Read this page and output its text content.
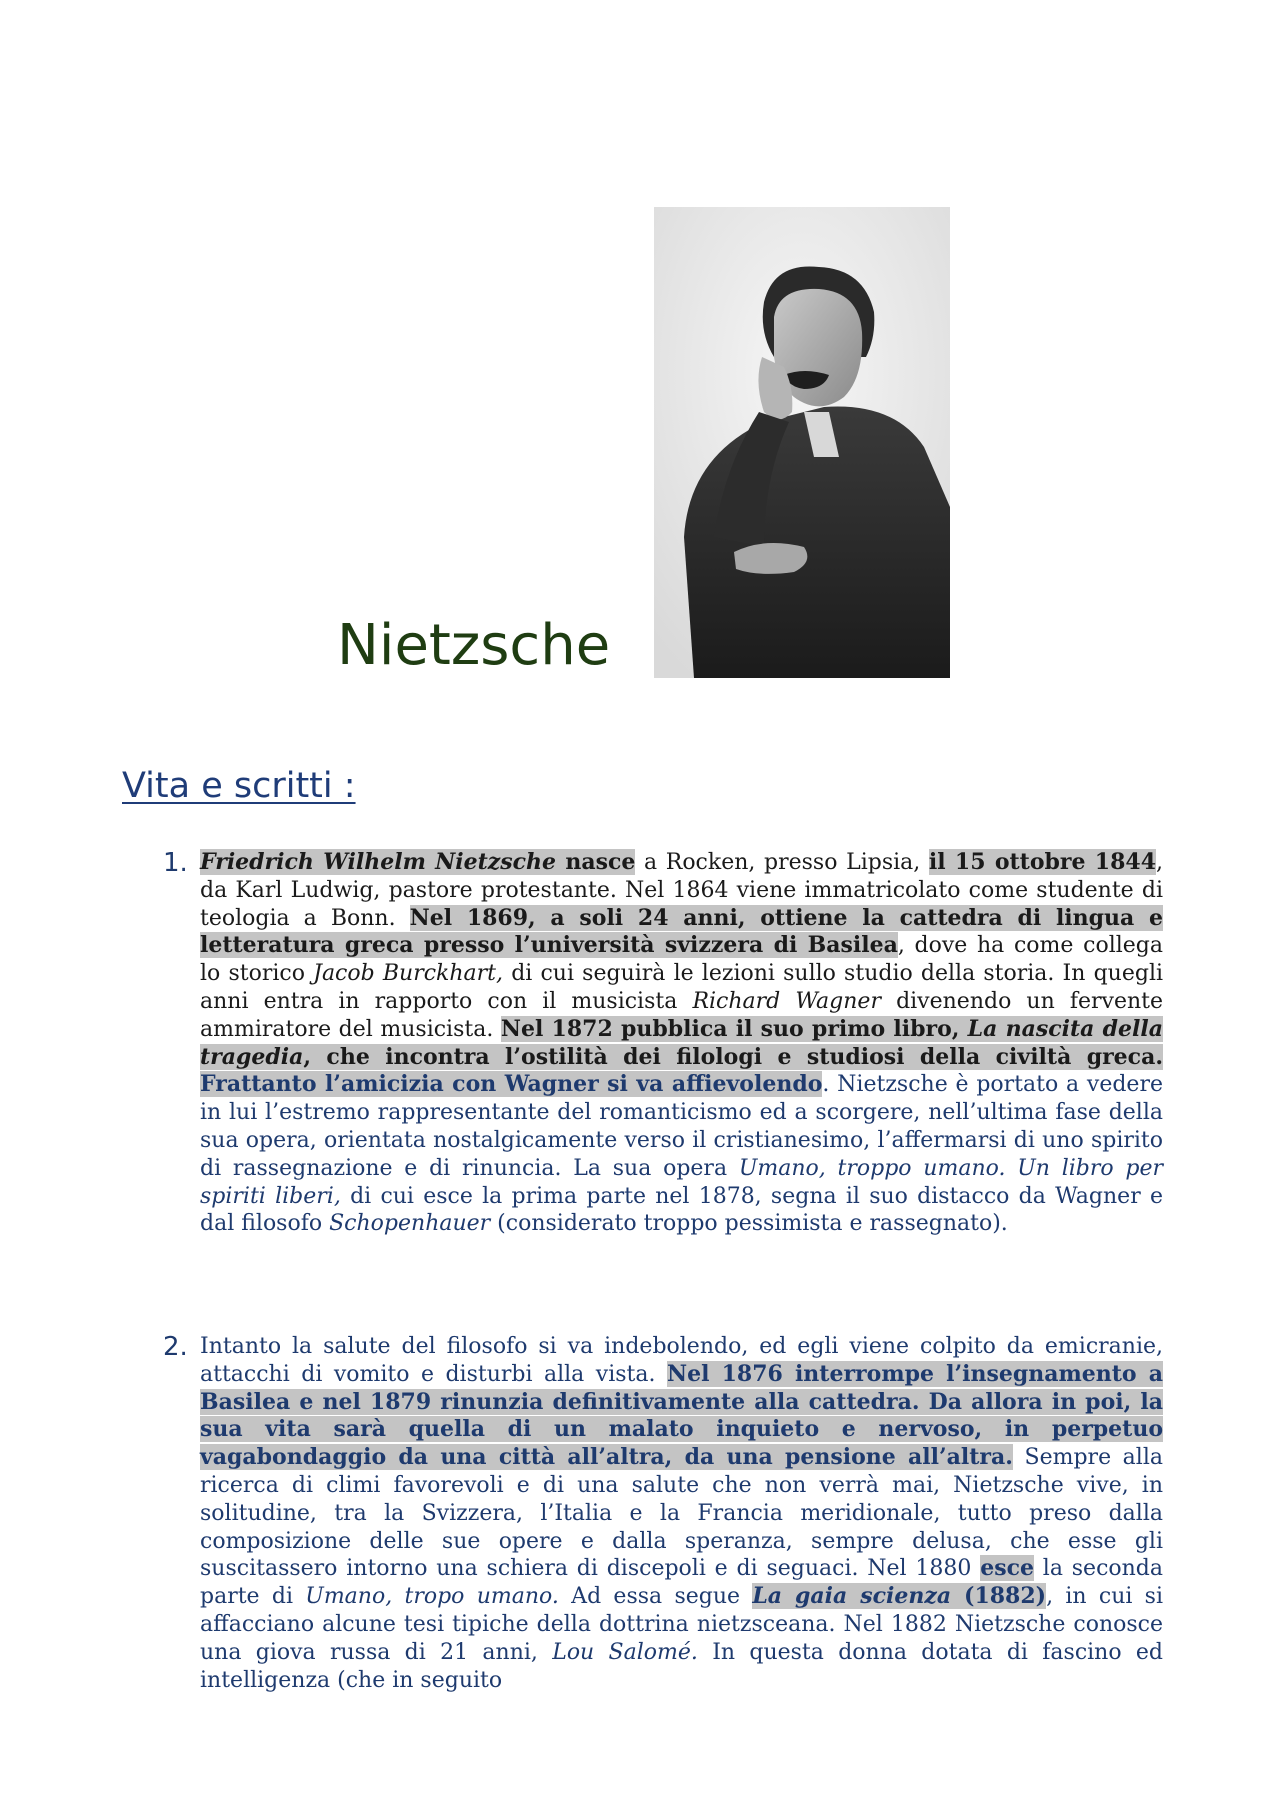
Nietzsche
Vita e scritti :
1. Friedrich Wilhelm Nietzsche nasce a Rocken, presso Lipsia, il 15 ottobre 1844, da Karl Ludwig, pastore protestante. Nel 1864 viene immatricolato come studente di teologia a Bonn. Nel 1869, a soli 24 anni, ottiene la cattedra di lingua e letteratura greca presso l’università svizzera di Basilea, dove ha come collega lo storico Jacob Burckhart, di cui seguirà le lezioni sullo studio della storia. In quegli anni entra in rapporto con il musicista Richard Wagner divenendo un fervente ammiratore del musicista. Nel 1872 pubblica il suo primo libro, La nascita della tragedia, che incontra l’ostilità dei filologi e studiosi della civiltà greca. Frattanto l’amicizia con Wagner si va affievolendo. Nietzsche è portato a vedere in lui l’estremo rappresentante del romanticismo ed a scorgere, nell’ultima fase della sua opera, orientata nostalgicamente verso il cristianesimo, l’affermarsi di uno spirito di rassegnazione e di rinuncia. La sua opera Umano, troppo umano. Un libro per spiriti liberi, di cui esce la prima parte nel 1878, segna il suo distacco da Wagner e dal filosofo Schopenhauer (considerato troppo pessimista e rassegnato).

2. Intanto la salute del filosofo si va indebolendo, ed egli viene colpito da emicranie, attacchi di vomito e disturbi alla vista. Nel 1876 interrompe l’insegnamento a Basilea e nel 1879 rinunzia definitivamente alla cattedra. Da allora in poi, la sua vita sarà quella di un malato inquieto e nervoso, in perpetuo vagabondaggio da una città all’altra, da una pensione all’altra. Sempre alla ricerca di climi favorevoli e di una salute che non verrà mai, Nietzsche vive, in solitudine, tra la Svizzera, l’Italia e la Francia meridionale, tutto preso dalla composizione delle sue opere e dalla speranza, sempre delusa, che esse gli suscitassero intorno una schiera di discepoli e di seguaci. Nel 1880 esce la seconda parte di Umano, tropo umano. Ad essa segue La gaia scienza (1882), in cui si affacciano alcune tesi tipiche della dottrina nietzsceana. Nel 1882 Nietzsche conosce una giova russa di 21 anni, Lou Salomé. In questa donna dotata di fascino ed intelligenza (che in seguito
